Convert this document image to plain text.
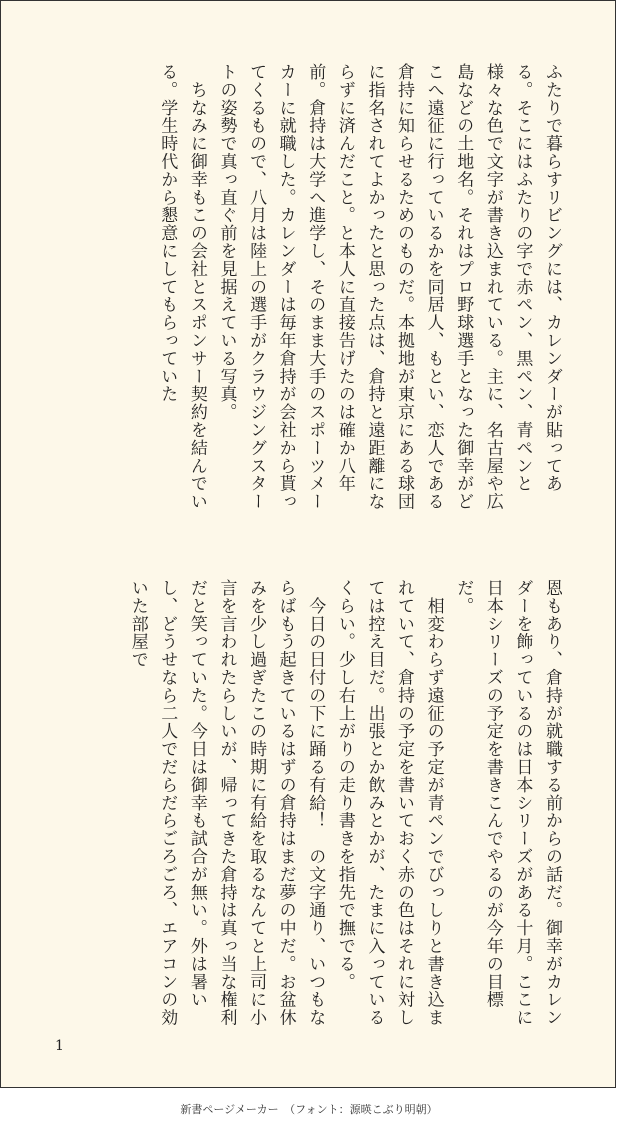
ふたりで暮らすリビングには、カレンダーが貼ってある。そこにはふたりの字で赤ペン、黒ペン、青ペンと様々な色で文字が書き込まれている。主に、名古屋や広島などの土地名。それはプロ野球選手となった御幸がどこへ遠征に行っているかを同居人、もとい、恋人である倉持に知らせるためのものだ。本拠地が東京にある球団に指名されてよかったと思った点は、倉持と遠距離にならずに済んだこと。と本人に直接告げたのは確か八年前。倉持は大学へ進学し、そのまま大手のスポーツメーカーに就職した。カレンダーは毎年倉持が会社から貰ってくるもので、八月は陸上の選手がクラウジングスタートの姿勢で真っ直ぐ前を見据えている写真。
　ちなみに御幸もこの会社とスポンサー契約を結んでいる。学生時代から懇意にしてもらっていた
恩もあり、倉持が就職する前からの話だ。御幸がカレンダーを飾っているのは日本シリーズがある十月。ここに日本シリーズの予定を書きこんでやるのが今年の目標だ。
　相変わらず遠征の予定が青ペンでびっしりと書き込まれていて、倉持の予定を書いておく赤の色はそれに対しては控え目だ。出張とか飲みとかが、たまに入っているくらい。少し右上がりの走り書きを指先で撫でる。
　今日の日付の下に踊る有給！　の文字通り、いつもならばもう起きているはずの倉持はまだ夢の中だ。お盆休みを少し過ぎたこの時期に有給を取るなんてと上司に小言を言われたらしいが、帰ってきた倉持は真っ当な権利だと笑っていた。今日は御幸も試合が無い。外は暑いし、どうせなら二人でだらだらごろごろ、エアコンの効いた部屋で
1
新書ページメーカー　（フォント：源暎こぶり明朝）
